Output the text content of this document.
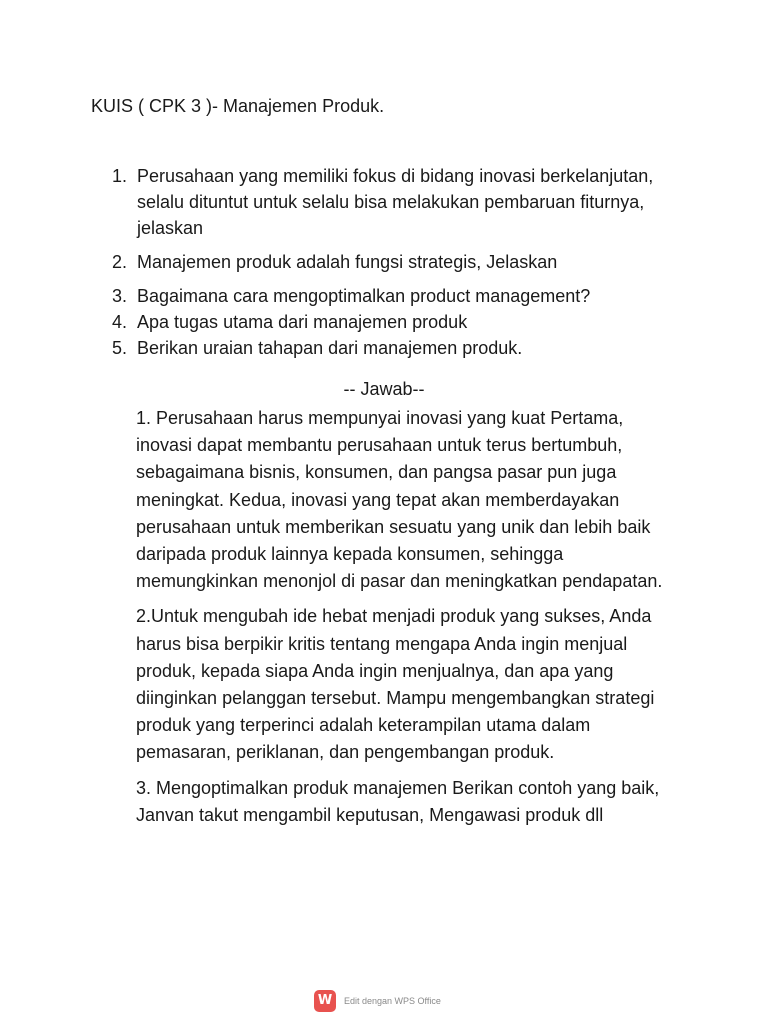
KUIS ( CPK 3 )- Manajemen Produk.
1. Perusahaan yang memiliki fokus di bidang inovasi berkelanjutan, selalu dituntut untuk selalu bisa melakukan pembaruan fiturnya, jelaskan
2. Manajemen produk adalah fungsi strategis, Jelaskan
3. Bagaimana cara mengoptimalkan product management?
4. Apa tugas utama dari manajemen produk
5. Berikan uraian tahapan dari manajemen produk.
-- Jawab--

1. Perusahaan harus mempunyai inovasi yang kuat Pertama, inovasi dapat membantu perusahaan untuk terus bertumbuh, sebagaimana bisnis, konsumen, dan pangsa pasar pun juga meningkat. Kedua, inovasi yang tepat akan memberdayakan perusahaan untuk memberikan sesuatu yang unik dan lebih baik daripada produk lainnya kepada konsumen, sehingga memungkinkan menonjol di pasar dan meningkatkan pendapatan.

2.Untuk mengubah ide hebat menjadi produk yang sukses, Anda harus bisa berpikir kritis tentang mengapa Anda ingin menjual produk, kepada siapa Anda ingin menjualnya, dan apa yang diinginkan pelanggan tersebut. Mampu mengembangkan strategi produk yang terperinci adalah keterampilan utama dalam pemasaran, periklanan, dan pengembangan produk.

3. Mengoptimalkan produk manajemen Berikan contoh yang baik, Janvan takut mengambil keputusan, Mengawasi produk dll

W	Edit dengan WPS Office
